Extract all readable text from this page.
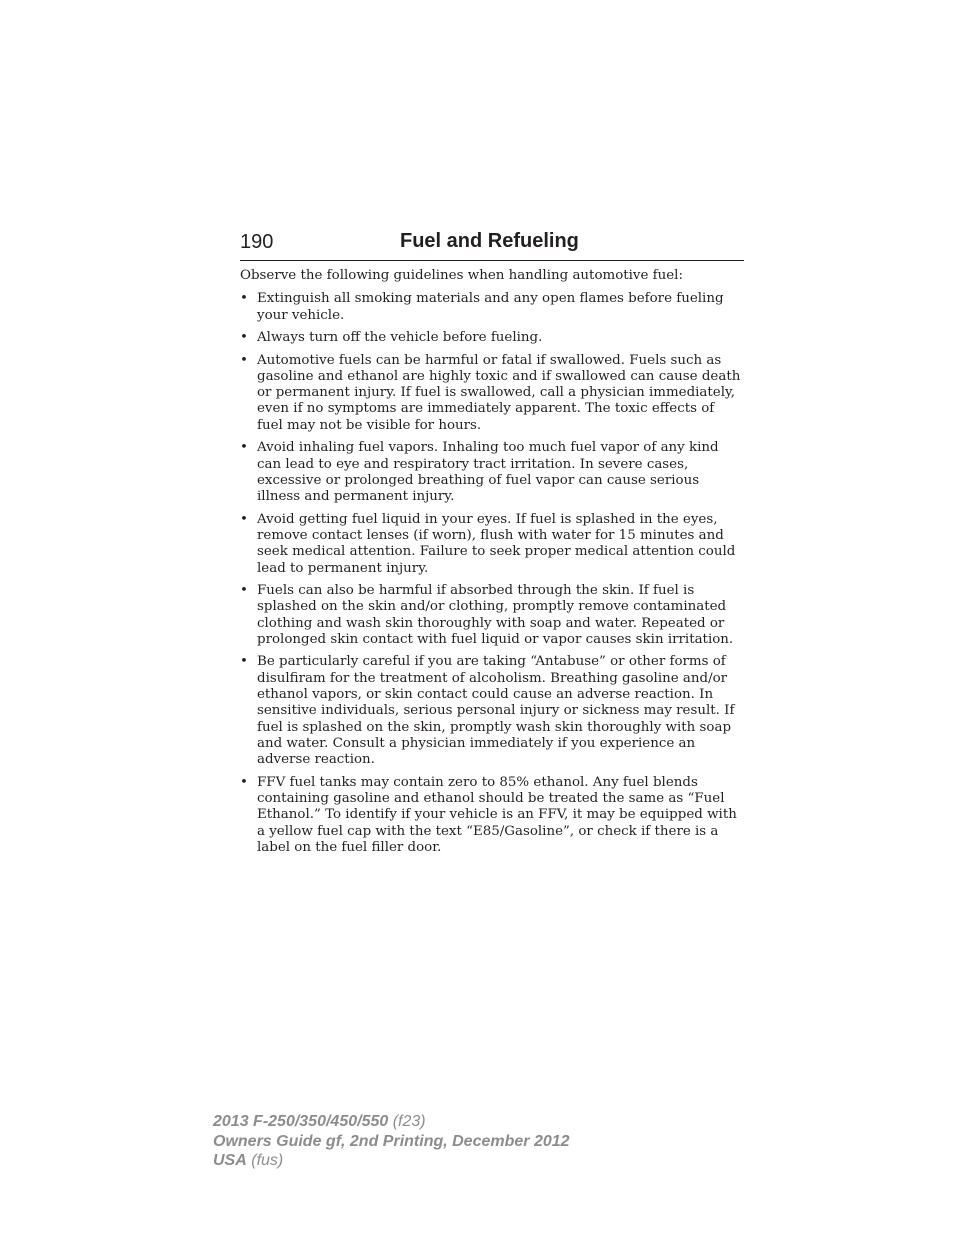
190	Fuel and Refueling

Observe the following guidelines when handling automotive fuel:

• Extinguish all smoking materials and any open flames before fueling your vehicle.
• Always turn off the vehicle before fueling.
• Automotive fuels can be harmful or fatal if swallowed. Fuels such as gasoline and ethanol are highly toxic and if swallowed can cause death or permanent injury. If fuel is swallowed, call a physician immediately, even if no symptoms are immediately apparent. The toxic effects of fuel may not be visible for hours.
• Avoid inhaling fuel vapors. Inhaling too much fuel vapor of any kind can lead to eye and respiratory tract irritation. In severe cases, excessive or prolonged breathing of fuel vapor can cause serious illness and permanent injury.
• Avoid getting fuel liquid in your eyes. If fuel is splashed in the eyes, remove contact lenses (if worn), flush with water for 15 minutes and seek medical attention. Failure to seek proper medical attention could lead to permanent injury.
• Fuels can also be harmful if absorbed through the skin. If fuel is splashed on the skin and/or clothing, promptly remove contaminated clothing and wash skin thoroughly with soap and water. Repeated or prolonged skin contact with fuel liquid or vapor causes skin irritation.
• Be particularly careful if you are taking “Antabuse” or other forms of disulfiram for the treatment of alcoholism. Breathing gasoline and/or ethanol vapors, or skin contact could cause an adverse reaction. In sensitive individuals, serious personal injury or sickness may result. If fuel is splashed on the skin, promptly wash skin thoroughly with soap and water. Consult a physician immediately if you experience an adverse reaction.
• FFV fuel tanks may contain zero to 85% ethanol. Any fuel blends containing gasoline and ethanol should be treated the same as “Fuel Ethanol.” To identify if your vehicle is an FFV, it may be equipped with a yellow fuel cap with the text “E85/Gasoline”, or check if there is a label on the fuel filler door.
2013 F-250/350/450/550 (f23)
Owners Guide gf, 2nd Printing, December 2012
USA (fus)
